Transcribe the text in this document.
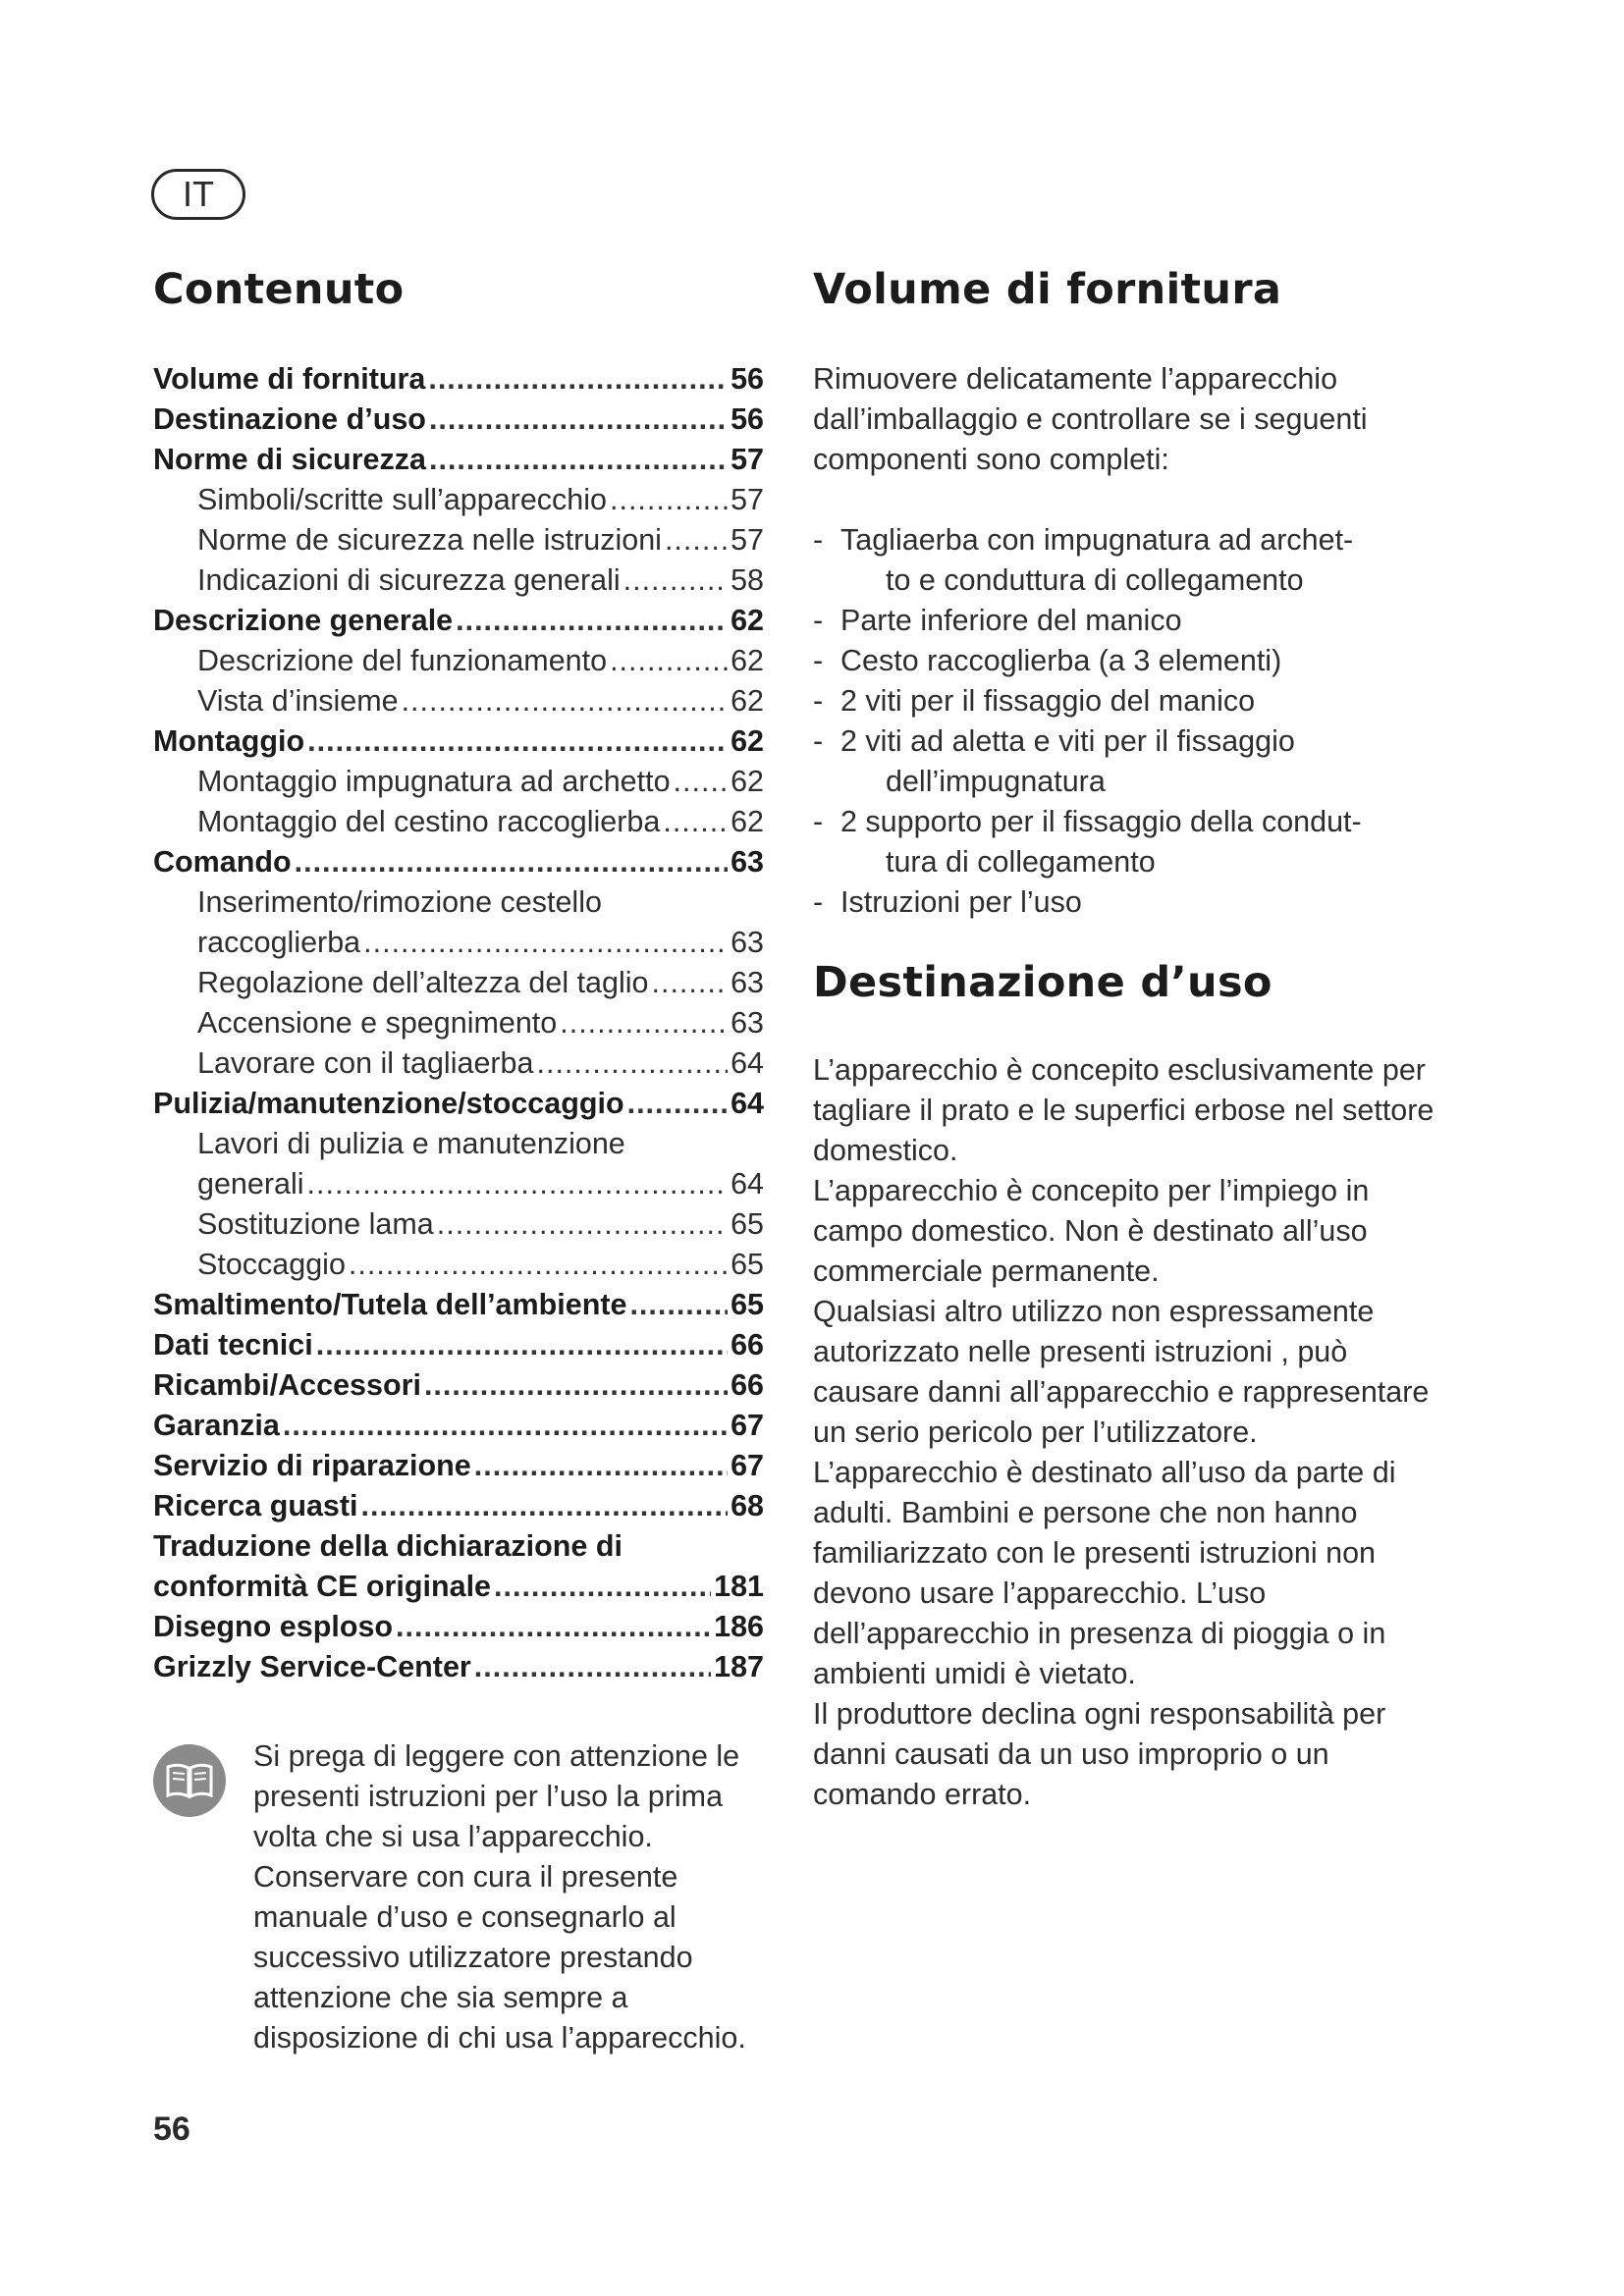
IT
Contenuto
Volume di fornitura .....	56
Destinazione d’uso .....	56
Norme di sicurezza .....	57
Simboli/scritte sull’apparecchio .....	57
Norme de sicurezza nelle istruzioni ..... 57
Indicazioni di sicurezza generali .....	58
Descrizione generale .....	62
Descrizione del funzionamento .....	62
Vista d’insieme .....	62
Montaggio .....	62
Montaggio impugnatura ad archetto ..... 62
Montaggio del cestino raccoglierba ..... 62
Comando .....	63
Inserimento/rimozione cestello
raccoglierba .....	63
Regolazione dell’altezza del taglio .....	63
Accensione e spegnimento .....	63
Lavorare con il tagliaerba .....	64
Pulizia/manutenzione/stoccaggio .....	64
Lavori di pulizia e manutenzione
generali .....	64
Sostituzione lama .....	65
Stoccaggio .....	65
Smaltimento/Tutela dell’ambiente .....	65
Dati tecnici .....	66
Ricambi/Accessori .....	66
Garanzia .....	67
Servizio di riparazione .....	67
Ricerca guasti .....	68
Traduzione della dichiarazione di
conformità CE originale .....	181
Disegno esploso .....	186
Grizzly Service-Center .....	187
Si prega di leggere con attenzione le presenti istruzioni per l’uso la prima volta che si usa l’apparecchio. Conservare con cura il presente manuale d’uso e consegnarlo al successivo utilizzatore prestando attenzione che sia sempre a disposizione di chi usa l’apparecchio.
56
Volume di fornitura

Rimuovere delicatamente l’apparecchio dall’imballaggio e controllare se i seguenti componenti sono completi:

- Tagliaerba con impugnatura ad archet-
to e conduttura di collegamento
- Parte inferiore del manico
- Cesto raccoglierba (a 3 elementi)
- 2 viti per il fissaggio del manico
- 2 viti ad aletta e viti per il fissaggio
dell’impugnatura
- 2 supporto per il fissaggio della condut-
tura di collegamento
- Istruzioni per l’uso
Destinazione d’uso

L’apparecchio è concepito esclusivamente per tagliare il prato e le superfici erbose nel settore domestico.

L’apparecchio è concepito per l’impiego in campo domestico. Non è destinato all’uso commerciale permanente.

Qualsiasi altro utilizzo non espressamente autorizzato nelle presenti istruzioni , può causare danni all’apparecchio e rappresentare un serio pericolo per l’utilizzatore.

L’apparecchio è destinato all’uso da parte di adulti. Bambini e persone che non hanno familiarizzato con le presenti istruzioni non devono usare l’apparecchio. L’uso dell’apparecchio in presenza di pioggia o in ambienti umidi è vietato.

Il produttore declina ogni responsabilità per danni causati da un uso improprio o un comando errato.
